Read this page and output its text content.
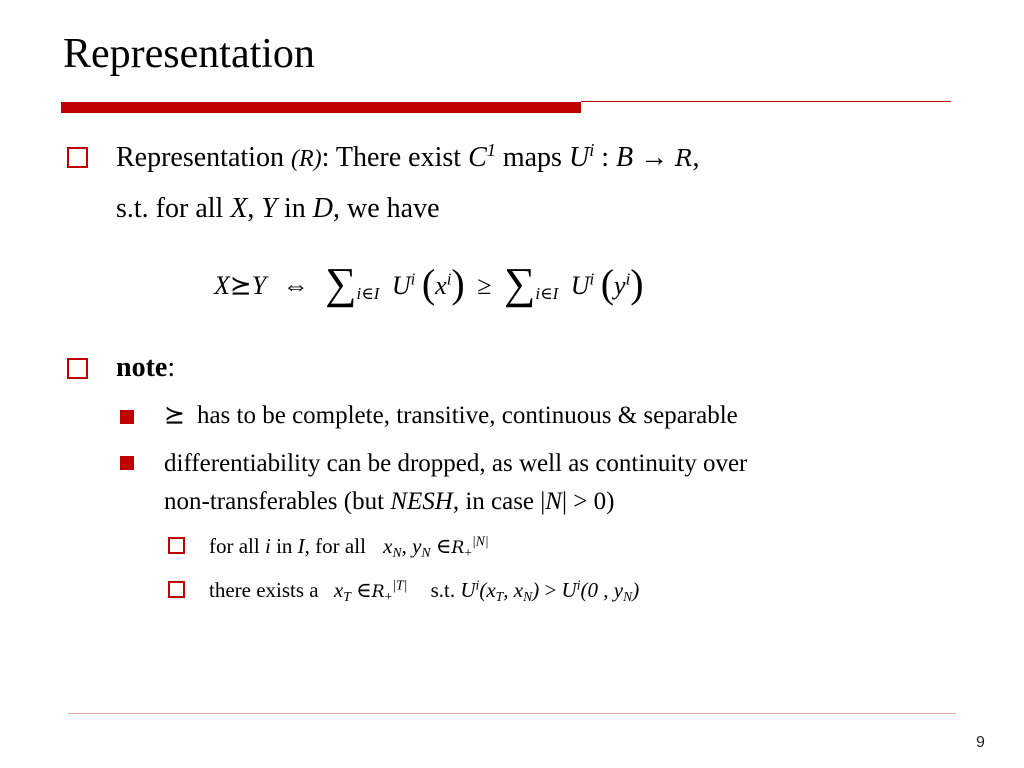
Representation
Representation (R): There exist $C^1$ maps $U^i$ : B → R,
s.t. for all X, Y in D, we have
X⪰Y ⇔ $\sum_{i\in I}$ $U^i$ $(x^i) \ge \sum_{i\in I}$ $U^i$ $(y^i)$
note:
⪰ has to be complete, transitive, continuous & separable
differentiability can be dropped, as well as continuity over
non-transferables (but NESH, in case |N| > 0)
for all i in I, for all $x_N$, $y_N$ $\in R_+^{|N|}$
there exists a $x_T$ $\in R_+^{|T|}$ s.t. $U^i(x_T$, $x_N) > U^i(0$ , $y_N$)
9
